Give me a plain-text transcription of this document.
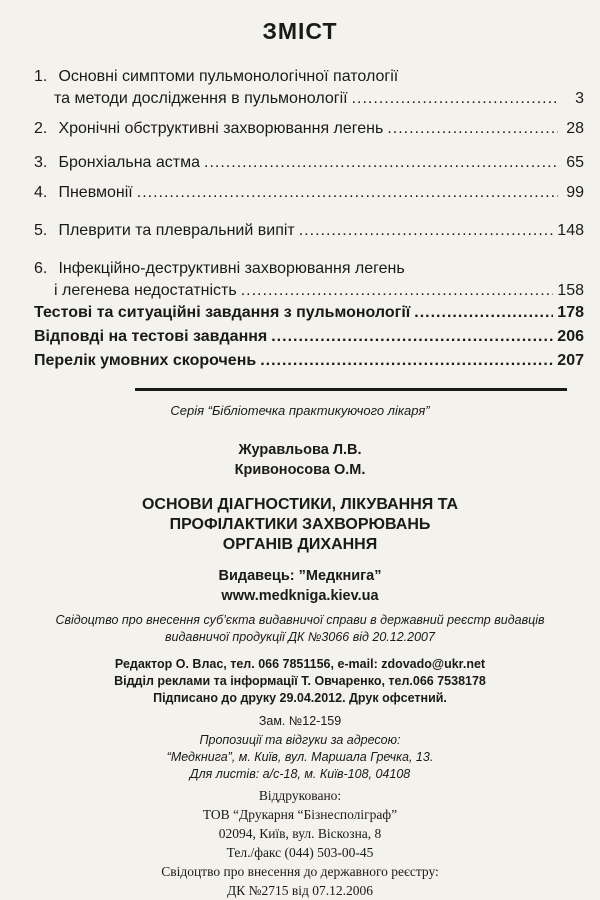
ЗМІСТ
1.
Основні симптоми пульмонологічної патології
та методи дослідження в пульмонології .....	3
2.
Хронічні обструктивні захворювання легень .....	28
3.
Бронхіальна астма .....	65
4.
Пневмонії .....	99
5.
Плеврити та плевральний випіт .....	148
6.
Інфекційно-деструктивні захворювання легень
і легенева недостатність .....	158
Тестові та ситуаційні завдання з пульмонології .....	178
Відповді на тестові завдання .....	206
Перелік умовних скорочень .....	207
Серія “Бібліотечка практикуючого лікаря”
Журавльова Л.В.
Кривоносова О.М.
ОСНОВИ ДІАГНОСТИКИ, ЛІКУВАННЯ ТА
ПРОФІЛАКТИКИ ЗАХВОРЮВАНЬ
ОРГАНІВ ДИХАННЯ
Видавець: ”Медкнига”
www.medkniga.kiev.ua
Свідоцтво про внесення суб’єкта видавничої справи в державний реєстр видавців
видавничої продукції ДК №3066 від 20.12.2007
Редактор О. Влас, тел. 066 7851156, e-mail: zdovado@ukr.net
Відділ реклами та інформації Т. Овчаренко, тел.066 7538178
Підписано до друку 29.04.2012. Друк офсетний.
Зам. №12-159
Пропозиції та відгуки за адресою:
“Медкнига”, м. Київ, вул. Маршала Гречка, 13.
Для листів: а/с-18, м. Київ-108, 04108
Віддруковано:
ТОВ “Друкарня “Бізнесполіграф”
02094, Київ, вул. Віскозна, 8
Тел./факс (044) 503-00-45
Свідоцтво про внесення до державного реєстру:
ДК №2715 від 07.12.2006
